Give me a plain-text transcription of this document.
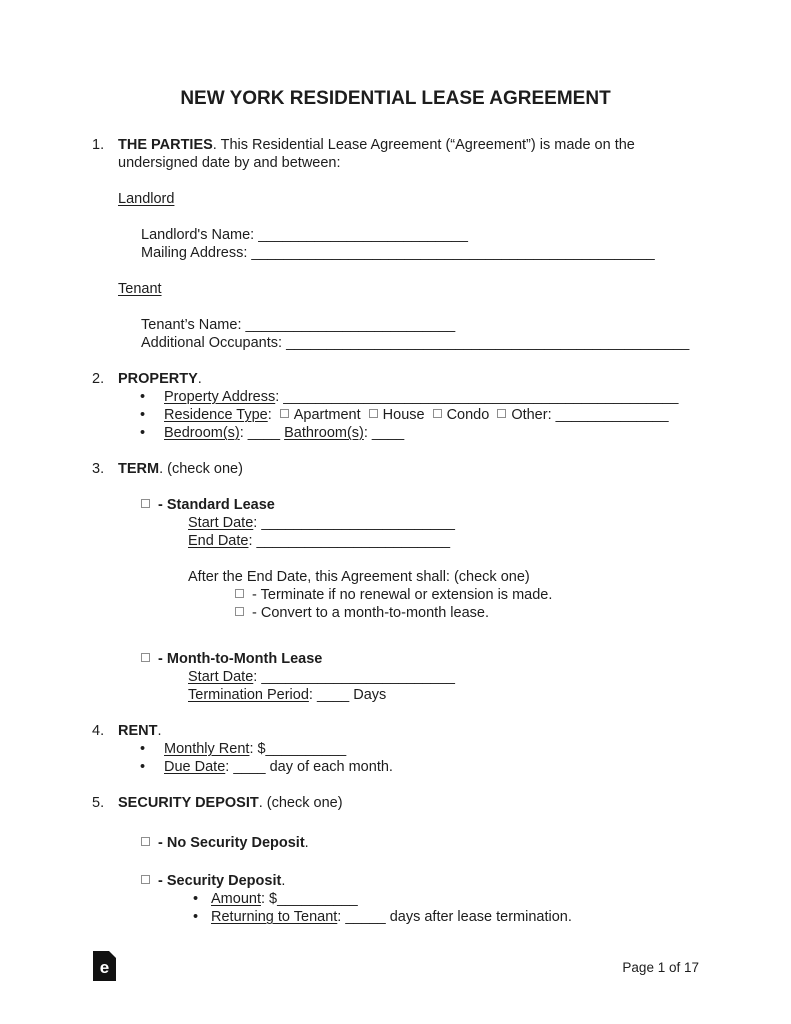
NEW YORK RESIDENTIAL LEASE AGREEMENT
1. THE PARTIES. This Residential Lease Agreement (“Agreement”) is made on the
undersigned date by and between:
Landlord
Landlord's Name: __________________________
Mailing Address: __________________________________________________
Tenant
Tenant’s Name: __________________________
Additional Occupants: __________________________________________________
2. PROPERTY.
• Property Address: _________________________________________________
• Residence Type: Apartment House Condo Other: ______________
• Bedroom(s): ____ Bathroom(s): ____
3. TERM. (check one)
- Standard Lease
Start Date: ________________________
End Date: ________________________
After the End Date, this Agreement shall: (check one)
- Terminate if no renewal or extension is made.
- Convert to a month-to-month lease.
- Month-to-Month Lease
Start Date: ________________________
Termination Period: ____ Days
4. RENT.
• Monthly Rent: $__________
• Due Date: ____ day of each month.
5. SECURITY DEPOSIT. (check one)
- No Security Deposit.
- Security Deposit.
• Amount: $__________
• Returning to Tenant: _____ days after lease termination.
e	Page 1 of 17
